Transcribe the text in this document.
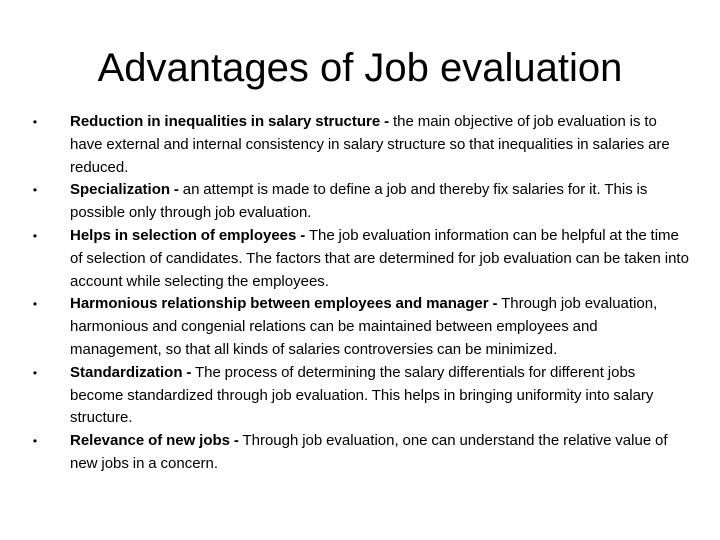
Advantages of Job evaluation
• Reduction in inequalities in salary structure - the main objective of job evaluation is to have external and internal consistency in salary structure so that inequalities in salaries are reduced.
• Specialization - an attempt is made to define a job and thereby fix salaries for it. This is possible only through job evaluation.
• Helps in selection of employees - The job evaluation information can be helpful at the time of selection of candidates. The factors that are determined for job evaluation can be taken into account while selecting the employees.
• Harmonious relationship between employees and manager - Through job evaluation, harmonious and congenial relations can be maintained between employees and management, so that all kinds of salaries controversies can be minimized.
• Standardization - The process of determining the salary differentials for different jobs become standardized through job evaluation. This helps in bringing uniformity into salary structure.
• Relevance of new jobs - Through job evaluation, one can understand the relative value of new jobs in a concern.
